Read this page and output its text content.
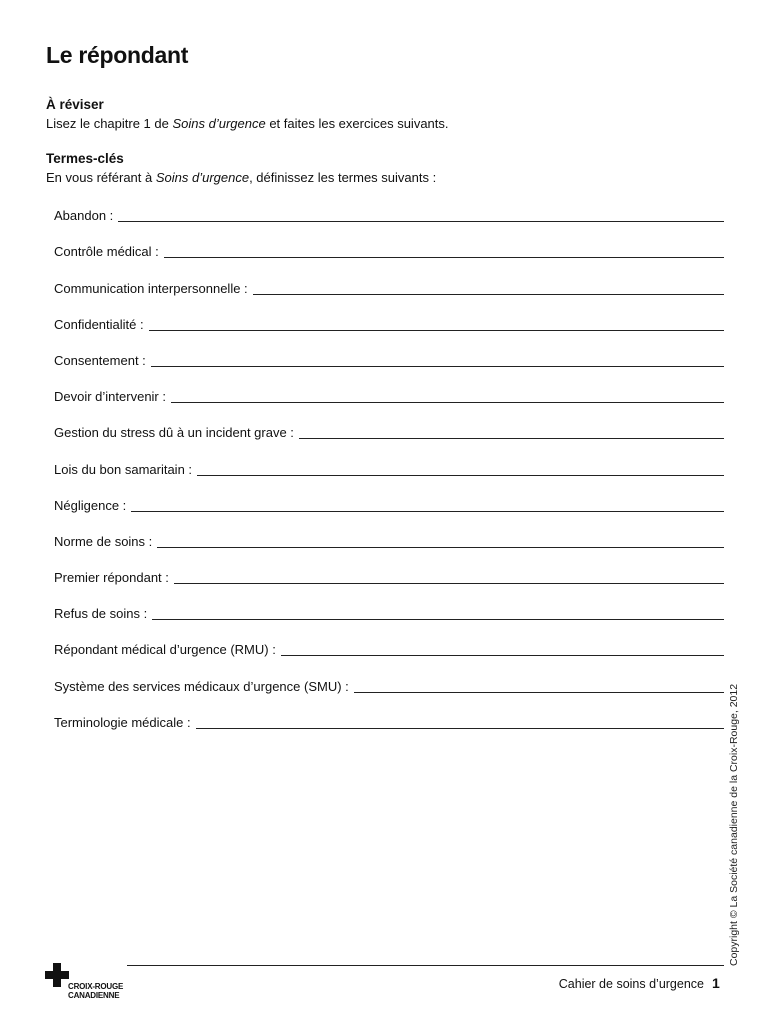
Le répondant
À réviser

Lisez le chapitre 1 de Soins d’urgence et faites les exercices suivants.

Termes-clés

En vous référant à Soins d’urgence, définissez les termes suivants :

Abandon :
Contrôle médical :
Communication interpersonnelle :
Confidentialité :
Consentement :
Devoir d’intervenir :
Gestion du stress dû à un incident grave :
Lois du bon samaritain :
Négligence :
Norme de soins :
Premier répondant :
Refus de soins :
Répondant médical d’urgence (RMU) :
Système des services médicaux d’urgence (SMU) :
Terminologie médicale :	Copyright © La Société canadienne de la Croix-Rouge, 2012
Cahier de soins d’urgence 1
CROIX-ROUGE
CANADIENNE
